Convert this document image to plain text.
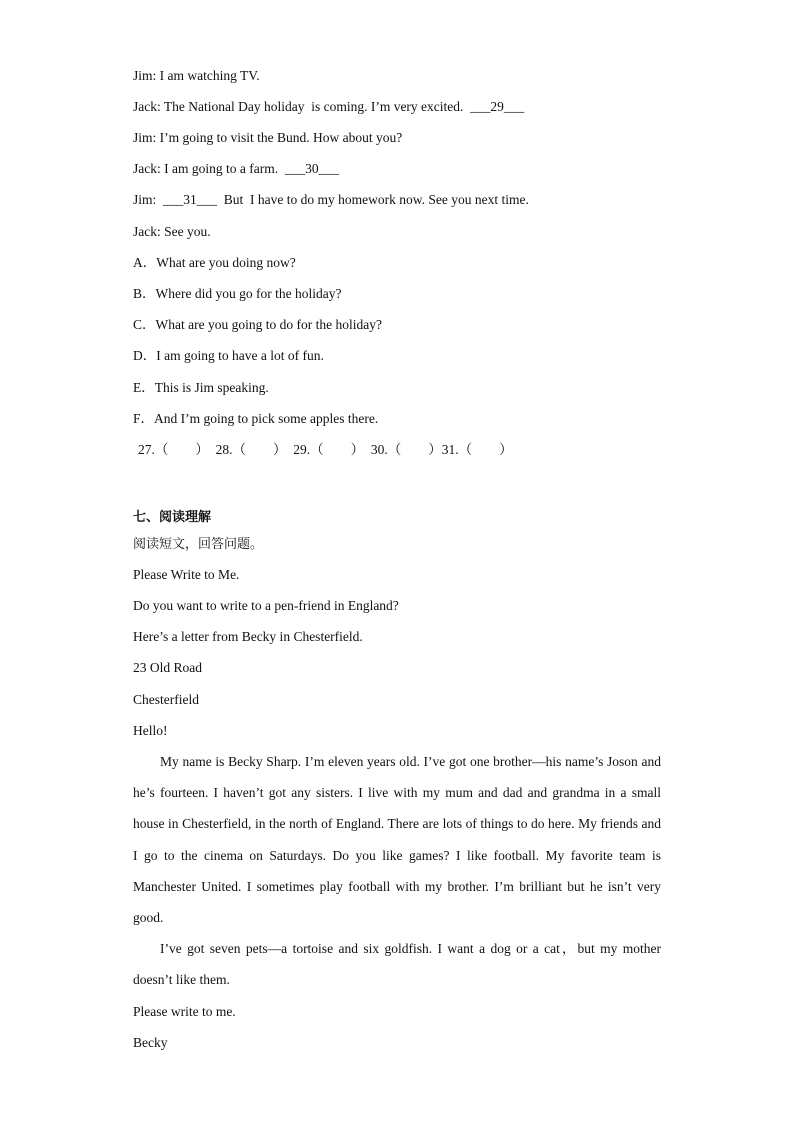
Jim: I am watching TV.
Jack: The National Day holiday  is coming. I’m very excited.  ___29___
Jim: I’m going to visit the Bund. How about you?
Jack: I am going to a farm.  ___30___
Jim:  ___31___  But  I have to do my homework now. See you next time.
Jack: See you.
A．What are you doing now?
B．Where did you go for the holiday?
C．What are you going to do for the holiday?
D．I am going to have a lot of fun.
E．This is Jim speaking.
F．And I’m going to pick some apples there.
27.（        ）  28.（        ）  29.（        ）  30.（        ）31.（        ）
七、阅读理解
阅读短文，回答问题。
Please Write to Me.
Do you want to write to a pen-friend in England?
Here’s a letter from Becky in Chesterfield.
23 Old Road
Chesterfield
Hello!
My name is Becky Sharp. I’m eleven years old. I’ve got one brother—his name’s Joson and he’s fourteen. I haven’t got any sisters. I live with my mum and dad and grandma in a small house in Chesterfield, in the north of England. There are lots of things to do here. My friends and I go to the cinema on Saturdays. Do you like games? I like football. My favorite team is Manchester United. I sometimes play football with my brother. I’m brilliant but he isn’t very good.
I’ve got seven pets—a tortoise and six goldfish. I want a dog or a cat，but my mother doesn’t like them.
Please write to me.
Becky
